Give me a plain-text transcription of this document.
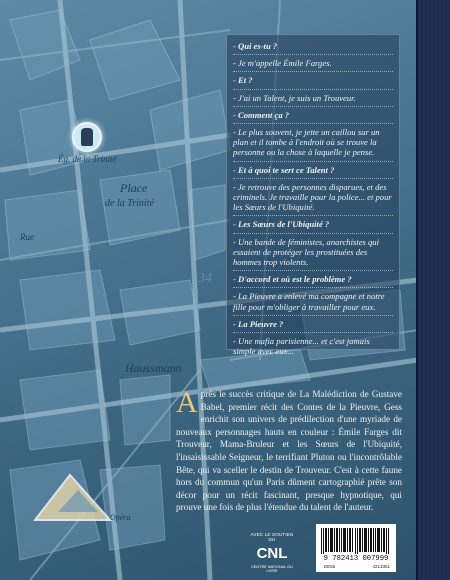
Ég. de la Trinité
Place
de la Trinité
Haussmann
Opéra
Rue
34
- Qui es-tu ?
- Je m'appelle Émile Farges.
- Et ?
- J'ai un Talent, je suis un Trouveur.
- Comment ça ?
- Le plus souvent, je jette un caillou sur un plan et il tombe à l'endroit où se trouve la personne ou la chose à laquelle je pense.
- Et à quoi te sert ce Talent ?
- Je retrouve des personnes disparues, et des criminels. Je travaille pour la police... et pour les Sœurs de l'Ubiquité.
- Les Sœurs de l'Ubiquité ?
- Une bande de féministes, anarchistes qui essaient de protéger les prostituées des hommes trop violents.
- D'accord et où est le problème ?
- La Pieuvre a enlevé ma compagne et notre fille pour m'obliger à travailler pour eux.
- La Pieuvre ?
- Une mafia parisienne... et c'est jamais simple avec eux...
Après le succès critique de La Malédiction de Gustave Babel, premier récit des Contes de la Pieuvre, Gess enrichit son univers de prédilection d'une myriade de nouveaux personnages hauts en couleur : Émile Farges dit Trouveur, Mama-Bruleur et les Sœurs de l'Ubiquité, l'insaisissable Seigneur, le terrifiant Pluton ou l'incontrôlable Bête, qui va sceller le destin de Trouveur. C'est à cette faune hors du commun qu'un Paris dûment cartographié prête son décor pour un récit fascinant, presque hypnotique, qui prouve une fois de plus l'étendue du talent de l'auteur.
AVEC LE SOUTIEN DU
CNL
CENTRE NATIONAL DU LIVRE
9 782413 007999
DE55	4213351
